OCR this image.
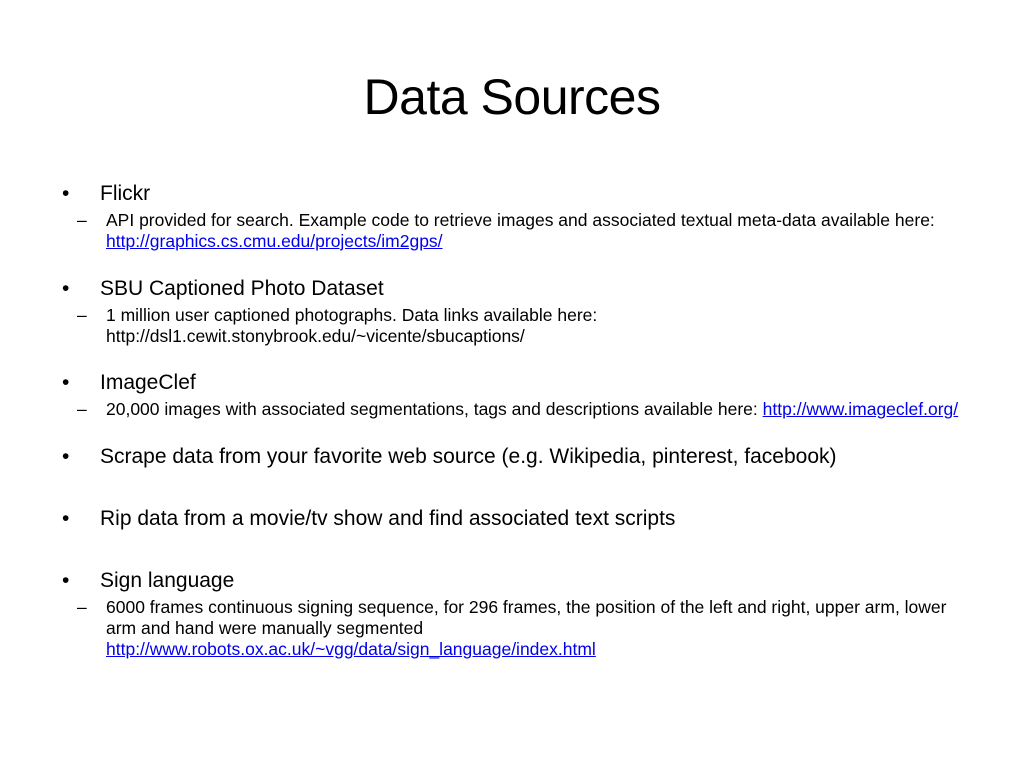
Data Sources
•	Flickr
– API provided for search. Example code to retrieve images and associated textual meta-data available here: http://graphics.cs.cmu.edu/projects/im2gps/
•	SBU Captioned Photo Dataset
– 1 million user captioned photographs. Data links available here: http://dsl1.cewit.stonybrook.edu/~vicente/sbucaptions/
•	ImageClef
– 20,000 images with associated segmentations, tags and descriptions available here: http://www.imageclef.org/
•	Scrape data from your favorite web source (e.g. Wikipedia, pinterest, facebook)
•	Rip data from a movie/tv show and find associated text scripts
•	Sign language
– 6000 frames continuous signing sequence, for 296 frames, the position of the left and right, upper arm, lower arm and hand were manually segmented
http://www.robots.ox.ac.uk/~vgg/data/sign_language/index.html
